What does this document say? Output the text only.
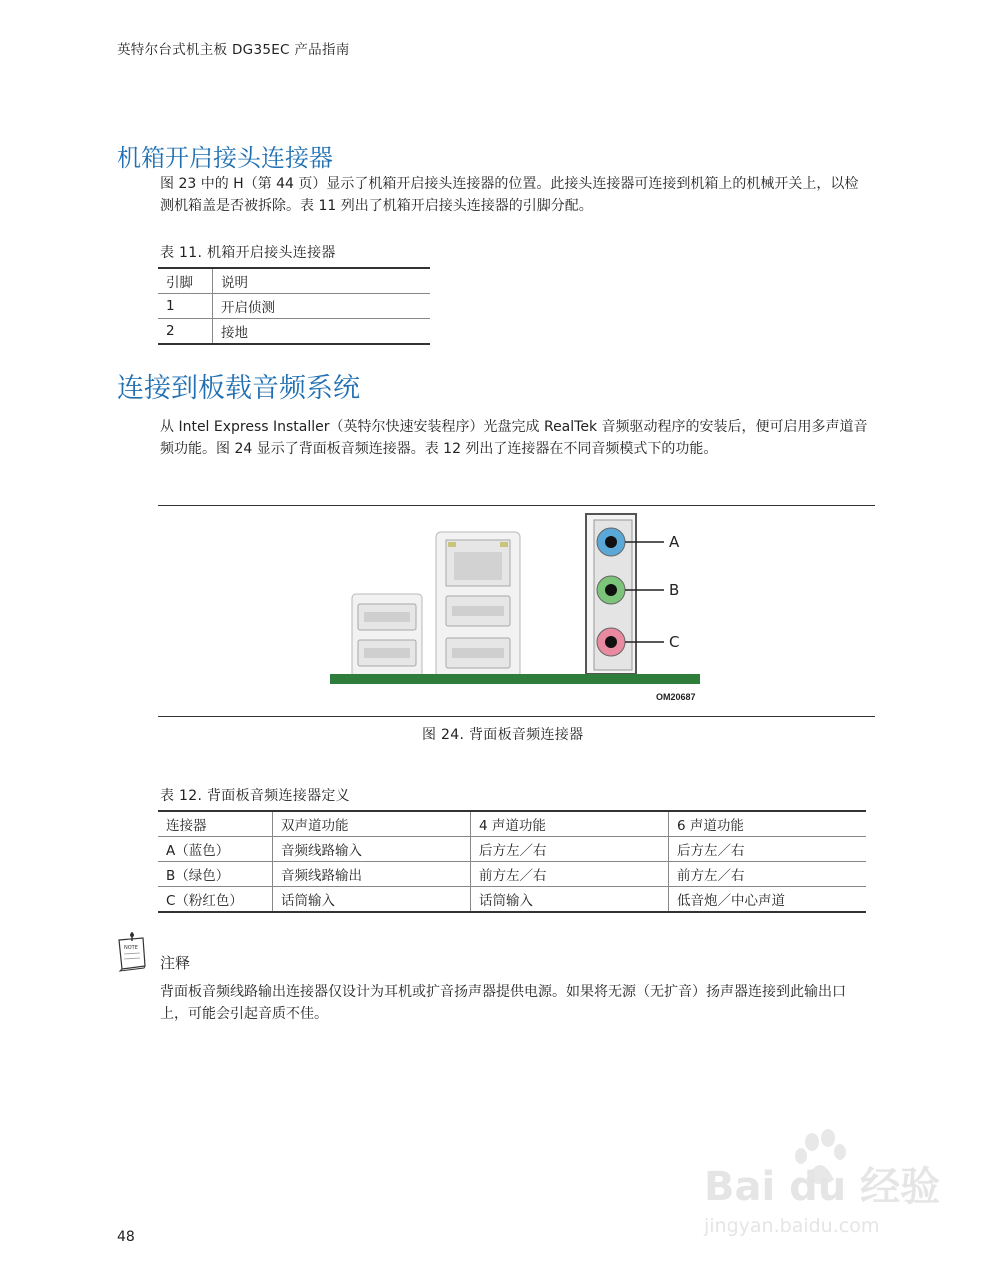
英特尔台式机主板 DG35EC 产品指南
机箱开启接头连接器
图 23 中的 H（第 44 页）显示了机箱开启接头连接器的位置。此接头连接器可连接到机箱上的机械开关上，以检测机箱盖是否被拆除。表 11 列出了机箱开启接头连接器的引脚分配。
表 11. 机箱开启接头连接器
引脚	说明
1	开启侦测
2	接地
连接到板载音频系统
从 Intel Express Installer（英特尔快速安装程序）光盘完成 RealTek 音频驱动程序的安装后，便可启用多声道音频功能。图 24 显示了背面板音频连接器。表 12 列出了连接器在不同音频模式下的功能。
A
B
C
OM20687
图 24. 背面板音频连接器
表 12. 背面板音频连接器定义
连接器	双声道功能	4 声道功能	6 声道功能
A（蓝色）	音频线路输入	后方左／右	后方左／右
B（绿色）	音频线路输出	前方左／右	前方左／右
C（粉红色）	话筒输入	话筒输入	低音炮／中心声道
NOTE
注释
背面板音频线路输出连接器仅设计为耳机或扩音扬声器提供电源。如果将无源（无扩音）扬声器连接到此输出口上，可能会引起音质不佳。
48
Bai du 经验
jingyan.baidu.com
